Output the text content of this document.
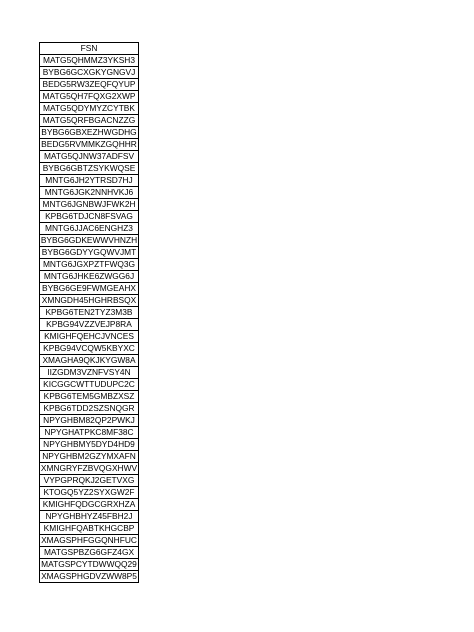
FSN
MATG5QHMMZ3YKSH3
BYBG6GCXGKYGNGVJ
BEDG5RW3ZEQFQYUP
MATG5QH7FQXG2XWP
MATG5QDYMYZCYTBK
MATG5QRFBGACNZZG
BYBG6GBXEZHWGDHG
BEDG5RVMMKZGQHHR
MATG5QJNW37ADFSV
BYBG6GBTZSYKWQSE
MNTG6JH2YTRSD7HJ
MNTG6JGK2NNHVKJ6
MNTG6JGNBWJFWK2H
KPBG6TDJCN8FSVAG
MNTG6JJAC6ENGHZ3
BYBG6GDKEWWVHNZH
BYBG6GDYYGQWVJMT
MNTG6JGXPZTFWQ3G
MNTG6JHKE6ZWGG6J
BYBG6GE9FWMGEAHX
XMNGDH45HGHRBSQX
KPBG6TEN2TYZ3M3B
KPBG94VZZVEJP8RA
KMIGHFQEHCJVNCES
KPBG94VCQW5KBYXC
XMAGHA9QKJKYGW8A
IIZGDM3VZNFVSY4N
KICGGCWTTUDUPC2C
KPBG6TEM5GMBZXSZ
KPBG6TDD2SZSNQGR
NPYGHBM82QP2PWKJ
NPYGHATPKC8MF38C
NPYGHBMY5DYD4HD9
NPYGHBM2GZYMXAFN
XMNGRYFZBVQGXHWV
VYPGPRQKJ2GETVXG
KTOGQ5YZ2SYXGW2F
KMIGHFQDGCGRXHZA
NPYGHBHYZ45FBH2J
KMIGHFQABTKHGCBP
XMAGSPHFGGQNHFUC
MATGSPBZG6GFZ4GX
MATGSPCYTDWWQQ29
XMAGSPHGDVZWW8P5
